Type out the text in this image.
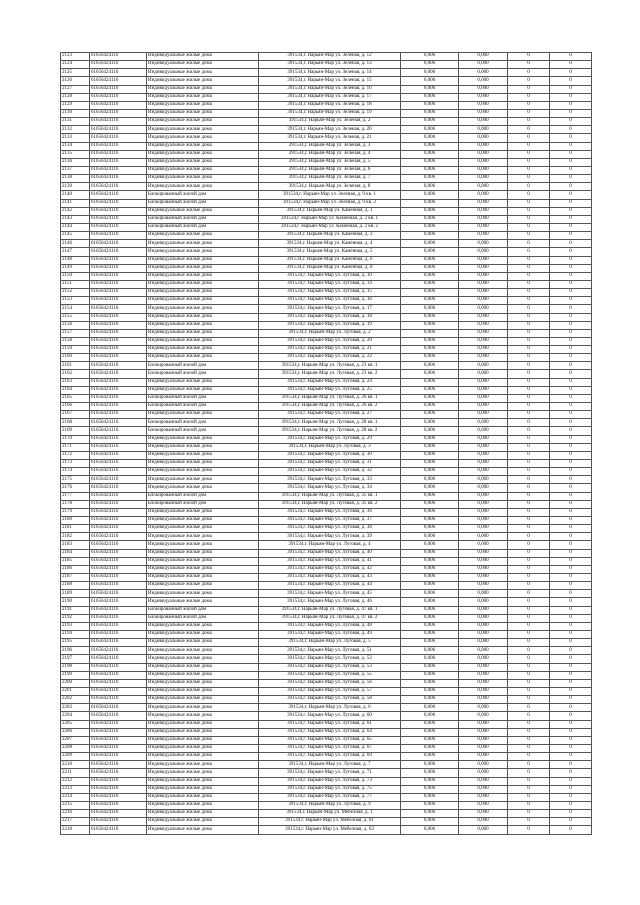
2123	61656424116	Индивидуальные жилые дома	391534,г. Нарьян-Мар ул. Зеленая, д. 12	0,006	0,000	0	0
2124	61656424116	Индивидуальные жилые дома	391534,г. Нарьян-Мар ул. Зеленая, д. 13	0,006	0,000	0	0
2125	61656424116	Индивидуальные жилые дома	391534,г. Нарьян-Мар ул. Зеленая, д. 14	0,006	0,000	0	0
2126	61656424116	Индивидуальные жилые дома	391534,г. Нарьян-Мар ул. Зеленая, д. 15	0,006	0,000	0	0
2127	61656424116	Индивидуальные жилые дома	391534,г. Нарьян-Мар ул. Зеленая, д. 16	0,006	0,000	0	0
2128	61656424116	Индивидуальные жилые дома	391534,г. Нарьян-Мар ул. Зеленая, д. 17	0,006	0,000	0	0
2129	61656424116	Индивидуальные жилые дома	391534,г. Нарьян-Мар ул. Зеленая, д. 18	0,006	0,000	0	0
2130	61656424116	Индивидуальные жилые дома	391534,г. Нарьян-Мар ул. Зеленая, д. 19	0,006	0,000	0	0
2131	61656424116	Индивидуальные жилые дома	391534,г. Нарьян-Мар ул. Зеленая, д. 2	0,006	0,000	0	0
2132	61656424116	Индивидуальные жилые дома	391534,г. Нарьян-Мар ул. Зеленая, д. 20	0,006	0,000	0	0
2133	61656424116	Индивидуальные жилые дома	391534,г. Нарьян-Мар ул. Зеленая, д. 21	0,006	0,000	0	0
2134	61656424116	Индивидуальные жилые дома	391534,г. Нарьян-Мар ул. Зеленая, д. 3	0,006	0,000	0	0
2135	61656424116	Индивидуальные жилые дома	391534,г. Нарьян-Мар ул. Зеленая, д. 4	0,006	0,000	0	0
2136	61656424116	Индивидуальные жилые дома	391534,г. Нарьян-Мар ул. Зеленая, д. 5	0,006	0,000	0	0
2137	61656424116	Индивидуальные жилые дома	391534,г. Нарьян-Мар ул. Зеленая, д. 6	0,006	0,000	0	0
2138	61656424116	Индивидуальные жилые дома	391534,г. Нарьян-Мар ул. Зеленая, д. 7	0,006	0,000	0	0
2139	61656424116	Индивидуальные жилые дома	391534,г. Нарьян-Мар ул. Зеленая, д. 8	0,006	0,000	0	0
2140	61656424116	Блокированный жилой дом	391534,г. Нарьян-Мар ул. Зеленая, д. 9 кв. 1	0,006	0,000	0	0
2141	61656424116	Блокированный жилой дом	391534,г. Нарьян-Мар ул. Зеленая, д. 9 кв. 2	0,006	0,000	0	0
2142	61656424116	Индивидуальные жилые дома	391534,г. Нарьян-Мар ул. Каменная, д. 1	0,006	0,000	0	0
2143	61656424116	Блокированный жилой дом	391534,г. Нарьян-Мар ул. Каменная, д. 2 кв. 1	0,006	0,000	0	0
2144	61656424116	Блокированный жилой дом	391534,г. Нарьян-Мар ул. Каменная, д. 2 кв. 2	0,006	0,000	0	0
2145	61656424116	Индивидуальные жилые дома	391534,г. Нарьян-Мар ул. Каменная, д. 3	0,006	0,000	0	0
2146	61656424116	Индивидуальные жилые дома	391534,г. Нарьян-Мар ул. Каменная, д. 4	0,006	0,000	0	0
2147	61656424116	Индивидуальные жилые дома	391534,г. Нарьян-Мар ул. Каменная, д. 5	0,006	0,000	0	0
2148	61656424116	Индивидуальные жилые дома	391534,г. Нарьян-Мар ул. Каменная, д. 6	0,006	0,000	0	0
2149	61656424116	Индивидуальные жилые дома	391534,г. Нарьян-Мар ул. Каменная, д. 8	0,006	0,000	0	0
2150	61656424116	Индивидуальные жилые дома	391534,г. Нарьян-Мар ул. Луговая, д. 10	0,006	0,000	0	0
2151	61656424116	Индивидуальные жилые дома	391534,г. Нарьян-Мар ул. Луговая, д. 14	0,006	0,000	0	0
2152	61656424116	Индивидуальные жилые дома	391534,г. Нарьян-Мар ул. Луговая, д. 15	0,006	0,000	0	0
2153	61656424116	Индивидуальные жилые дома	391534,г. Нарьян-Мар ул. Луговая, д. 16	0,006	0,000	0	0
2154	61656424116	Индивидуальные жилые дома	391534,г. Нарьян-Мар ул. Луговая, д. 17	0,006	0,000	0	0
2155	61656424116	Индивидуальные жилые дома	391534,г. Нарьян-Мар ул. Луговая, д. 18	0,006	0,000	0	0
2156	61656424116	Индивидуальные жилые дома	391534,г. Нарьян-Мар ул. Луговая, д. 19	0,006	0,000	0	0
2157	61656424116	Индивидуальные жилые дома	391534,г. Нарьян-Мар ул. Луговая, д. 2	0,006	0,000	0	0
2158	61656424116	Индивидуальные жилые дома	391534,г. Нарьян-Мар ул. Луговая, д. 20	0,006	0,000	0	0
2159	61656424116	Индивидуальные жилые дома	391534,г. Нарьян-Мар ул. Луговая, д. 21	0,006	0,000	0	0
2160	61656424116	Индивидуальные жилые дома	391534,г. Нарьян-Мар ул. Луговая, д. 22	0,006	0,000	0	0
2161	61656424116	Блокированный жилой дом	391534,г. Нарьян-Мар ул. Луговая, д. 23 кв. 1	0,006	0,000	0	0
2162	61656424116	Блокированный жилой дом	391534,г. Нарьян-Мар ул. Луговая, д. 23 кв. 2	0,006	0,000	0	0
2163	61656424116	Индивидуальные жилые дома	391534,г. Нарьян-Мар ул. Луговая, д. 24	0,006	0,000	0	0
2164	61656424116	Индивидуальные жилые дома	391534,г. Нарьян-Мар ул. Луговая, д. 25	0,006	0,000	0	0
2165	61656424116	Блокированный жилой дом	391534,г. Нарьян-Мар ул. Луговая, д. 26 кв. 1	0,006	0,000	0	0
2166	61656424116	Блокированный жилой дом	391534,г. Нарьян-Мар ул. Луговая, д. 26 кв. 2	0,006	0,000	0	0
2167	61656424116	Индивидуальные жилые дома	391534,г. Нарьян-Мар ул. Луговая, д. 27	0,006	0,000	0	0
2168	61656424116	Блокированный жилой дом	391534,г. Нарьян-Мар ул. Луговая, д. 28 кв. 1	0,006	0,000	0	0
2169	61656424116	Блокированный жилой дом	391534,г. Нарьян-Мар ул. Луговая, д. 28 кв. 2	0,006	0,000	0	0
2170	61656424116	Индивидуальные жилые дома	391534,г. Нарьян-Мар ул. Луговая, д. 29	0,006	0,000	0	0
2171	61656424116	Индивидуальные жилые дома	391534,г. Нарьян-Мар ул. Луговая, д. 3	0,006	0,000	0	0
2172	61656424116	Индивидуальные жилые дома	391534,г. Нарьян-Мар ул. Луговая, д. 30	0,006	0,000	0	0
2173	61656424116	Индивидуальные жилые дома	391534,г. Нарьян-Мар ул. Луговая, д. 31	0,006	0,000	0	0
2174	61656424116	Индивидуальные жилые дома	391534,г. Нарьян-Мар ул. Луговая, д. 32	0,006	0,000	0	0
2175	61656424116	Индивидуальные жилые дома	391534,г. Нарьян-Мар ул. Луговая, д. 33	0,006	0,000	0	0
2176	61656424116	Индивидуальные жилые дома	391534,г. Нарьян-Мар ул. Луговая, д. 34	0,006	0,000	0	0
2177	61656424116	Блокированный жилой дом	391534,г. Нарьян-Мар ул. Луговая, д. 35 кв. 1	0,006	0,000	0	0
2178	61656424116	Блокированный жилой дом	391534,г. Нарьян-Мар ул. Луговая, д. 35 кв. 2	0,006	0,000	0	0
2179	61656424116	Индивидуальные жилые дома	391534,г. Нарьян-Мар ул. Луговая, д. 36	0,006	0,000	0	0
2180	61656424116	Индивидуальные жилые дома	391534,г. Нарьян-Мар ул. Луговая, д. 37	0,006	0,000	0	0
2181	61656424116	Индивидуальные жилые дома	391534,г. Нарьян-Мар ул. Луговая, д. 38	0,006	0,000	0	0
2182	61656424116	Индивидуальные жилые дома	391534,г. Нарьян-Мар ул. Луговая, д. 39	0,006	0,000	0	0
2183	61656424116	Индивидуальные жилые дома	391534,г. Нарьян-Мар ул. Луговая, д. 4	0,006	0,000	0	0
2184	61656424116	Индивидуальные жилые дома	391534,г. Нарьян-Мар ул. Луговая, д. 40	0,006	0,000	0	0
2185	61656424116	Индивидуальные жилые дома	391534,г. Нарьян-Мар ул. Луговая, д. 41	0,006	0,000	0	0
2186	61656424116	Индивидуальные жилые дома	391534,г. Нарьян-Мар ул. Луговая, д. 42	0,006	0,000	0	0
2187	61656424116	Индивидуальные жилые дома	391534,г. Нарьян-Мар ул. Луговая, д. 43	0,006	0,000	0	0
2188	61656424116	Индивидуальные жилые дома	391534,г. Нарьян-Мар ул. Луговая, д. 44	0,006	0,000	0	0
2189	61656424116	Индивидуальные жилые дома	391534,г. Нарьян-Мар ул. Луговая, д. 45	0,006	0,000	0	0
2190	61656424116	Индивидуальные жилые дома	391534,г. Нарьян-Мар ул. Луговая, д. 46	0,006	0,000	0	0
2191	61656424116	Блокированный жилой дом	391534,г. Нарьян-Мар ул. Луговая, д. 47 кв. 1	0,006	0,000	0	0
2192	61656424116	Блокированный жилой дом	391534,г. Нарьян-Мар ул. Луговая, д. 47 кв. 2	0,006	0,000	0	0
2193	61656424116	Индивидуальные жилые дома	391534,г. Нарьян-Мар ул. Луговая, д. 48	0,006	0,000	0	0
2194	61656424116	Индивидуальные жилые дома	391534,г. Нарьян-Мар ул. Луговая, д. 49	0,006	0,000	0	0
2195	61656424116	Индивидуальные жилые дома	391534,г. Нарьян-Мар ул. Луговая, д. 5	0,006	0,000	0	0
2196	61656424116	Индивидуальные жилые дома	391534,г. Нарьян-Мар ул. Луговая, д. 51	0,006	0,000	0	0
2197	61656424116	Индивидуальные жилые дома	391534,г. Нарьян-Мар ул. Луговая, д. 52	0,006	0,000	0	0
2198	61656424116	Индивидуальные жилые дома	391534,г. Нарьян-Мар ул. Луговая, д. 53	0,006	0,000	0	0
2199	61656424116	Индивидуальные жилые дома	391534,г. Нарьян-Мар ул. Луговая, д. 55	0,006	0,000	0	0
2200	61656424116	Индивидуальные жилые дома	391534,г. Нарьян-Мар ул. Луговая, д. 56	0,006	0,000	0	0
2201	61656424116	Индивидуальные жилые дома	391534,г. Нарьян-Мар ул. Луговая, д. 57	0,006	0,000	0	0
2202	61656424116	Индивидуальные жилые дома	391534,г. Нарьян-Мар ул. Луговая, д. 58	0,006	0,000	0	0
2203	61656424116	Индивидуальные жилые дома	391534,г. Нарьян-Мар ул. Луговая, д. 6	0,006	0,000	0	0
2204	61656424116	Индивидуальные жилые дома	391534,г. Нарьян-Мар ул. Луговая, д. 60	0,006	0,000	0	0
2205	61656424116	Индивидуальные жилые дома	391534,г. Нарьян-Мар ул. Луговая, д. 61	0,006	0,000	0	0
2206	61656424116	Индивидуальные жилые дома	391534,г. Нарьян-Мар ул. Луговая, д. 64	0,006	0,000	0	0
2207	61656424116	Индивидуальные жилые дома	391534,г. Нарьян-Мар ул. Луговая, д. 65	0,006	0,000	0	0
2208	61656424116	Индивидуальные жилые дома	391534,г. Нарьян-Мар ул. Луговая, д. 67	0,006	0,000	0	0
2209	61656424116	Индивидуальные жилые дома	391534,г. Нарьян-Мар ул. Луговая, д. 69	0,006	0,000	0	0
2210	61656424116	Индивидуальные жилые дома	391534,г. Нарьян-Мар ул. Луговая, д. 7	0,006	0,000	0	0
2211	61656424116	Индивидуальные жилые дома	391534,г. Нарьян-Мар ул. Луговая, д. 71	0,006	0,000	0	0
2212	61656424116	Индивидуальные жилые дома	391534,г. Нарьян-Мар ул. Луговая, д. 73	0,006	0,000	0	0
2213	61656424116	Индивидуальные жилые дома	391534,г. Нарьян-Мар ул. Луговая, д. 75	0,006	0,000	0	0
2214	61656424116	Индивидуальные жилые дома	391534,г. Нарьян-Мар ул. Луговая, д. 77	0,006	0,000	0	0
2215	61656424116	Индивидуальные жилые дома	391534,г. Нарьян-Мар ул. Луговая, д. 9	0,006	0,000	0	0
2216	61656424116	Индивидуальные жилые дома	391534,г. Нарьян-Мар ул. Мебелная, д. 1	0,006	0,000	0	0
2217	61656424116	Индивидуальные жилые дома	391534,г. Нарьян-Мар ул. Мебелная, д. 61	0,006	0,000	0	0
2218	61656424116	Индивидуальные жилые дома	391534,г. Нарьян-Мар ул. Мебелная, д. 63	0,006	0,000	0	0
